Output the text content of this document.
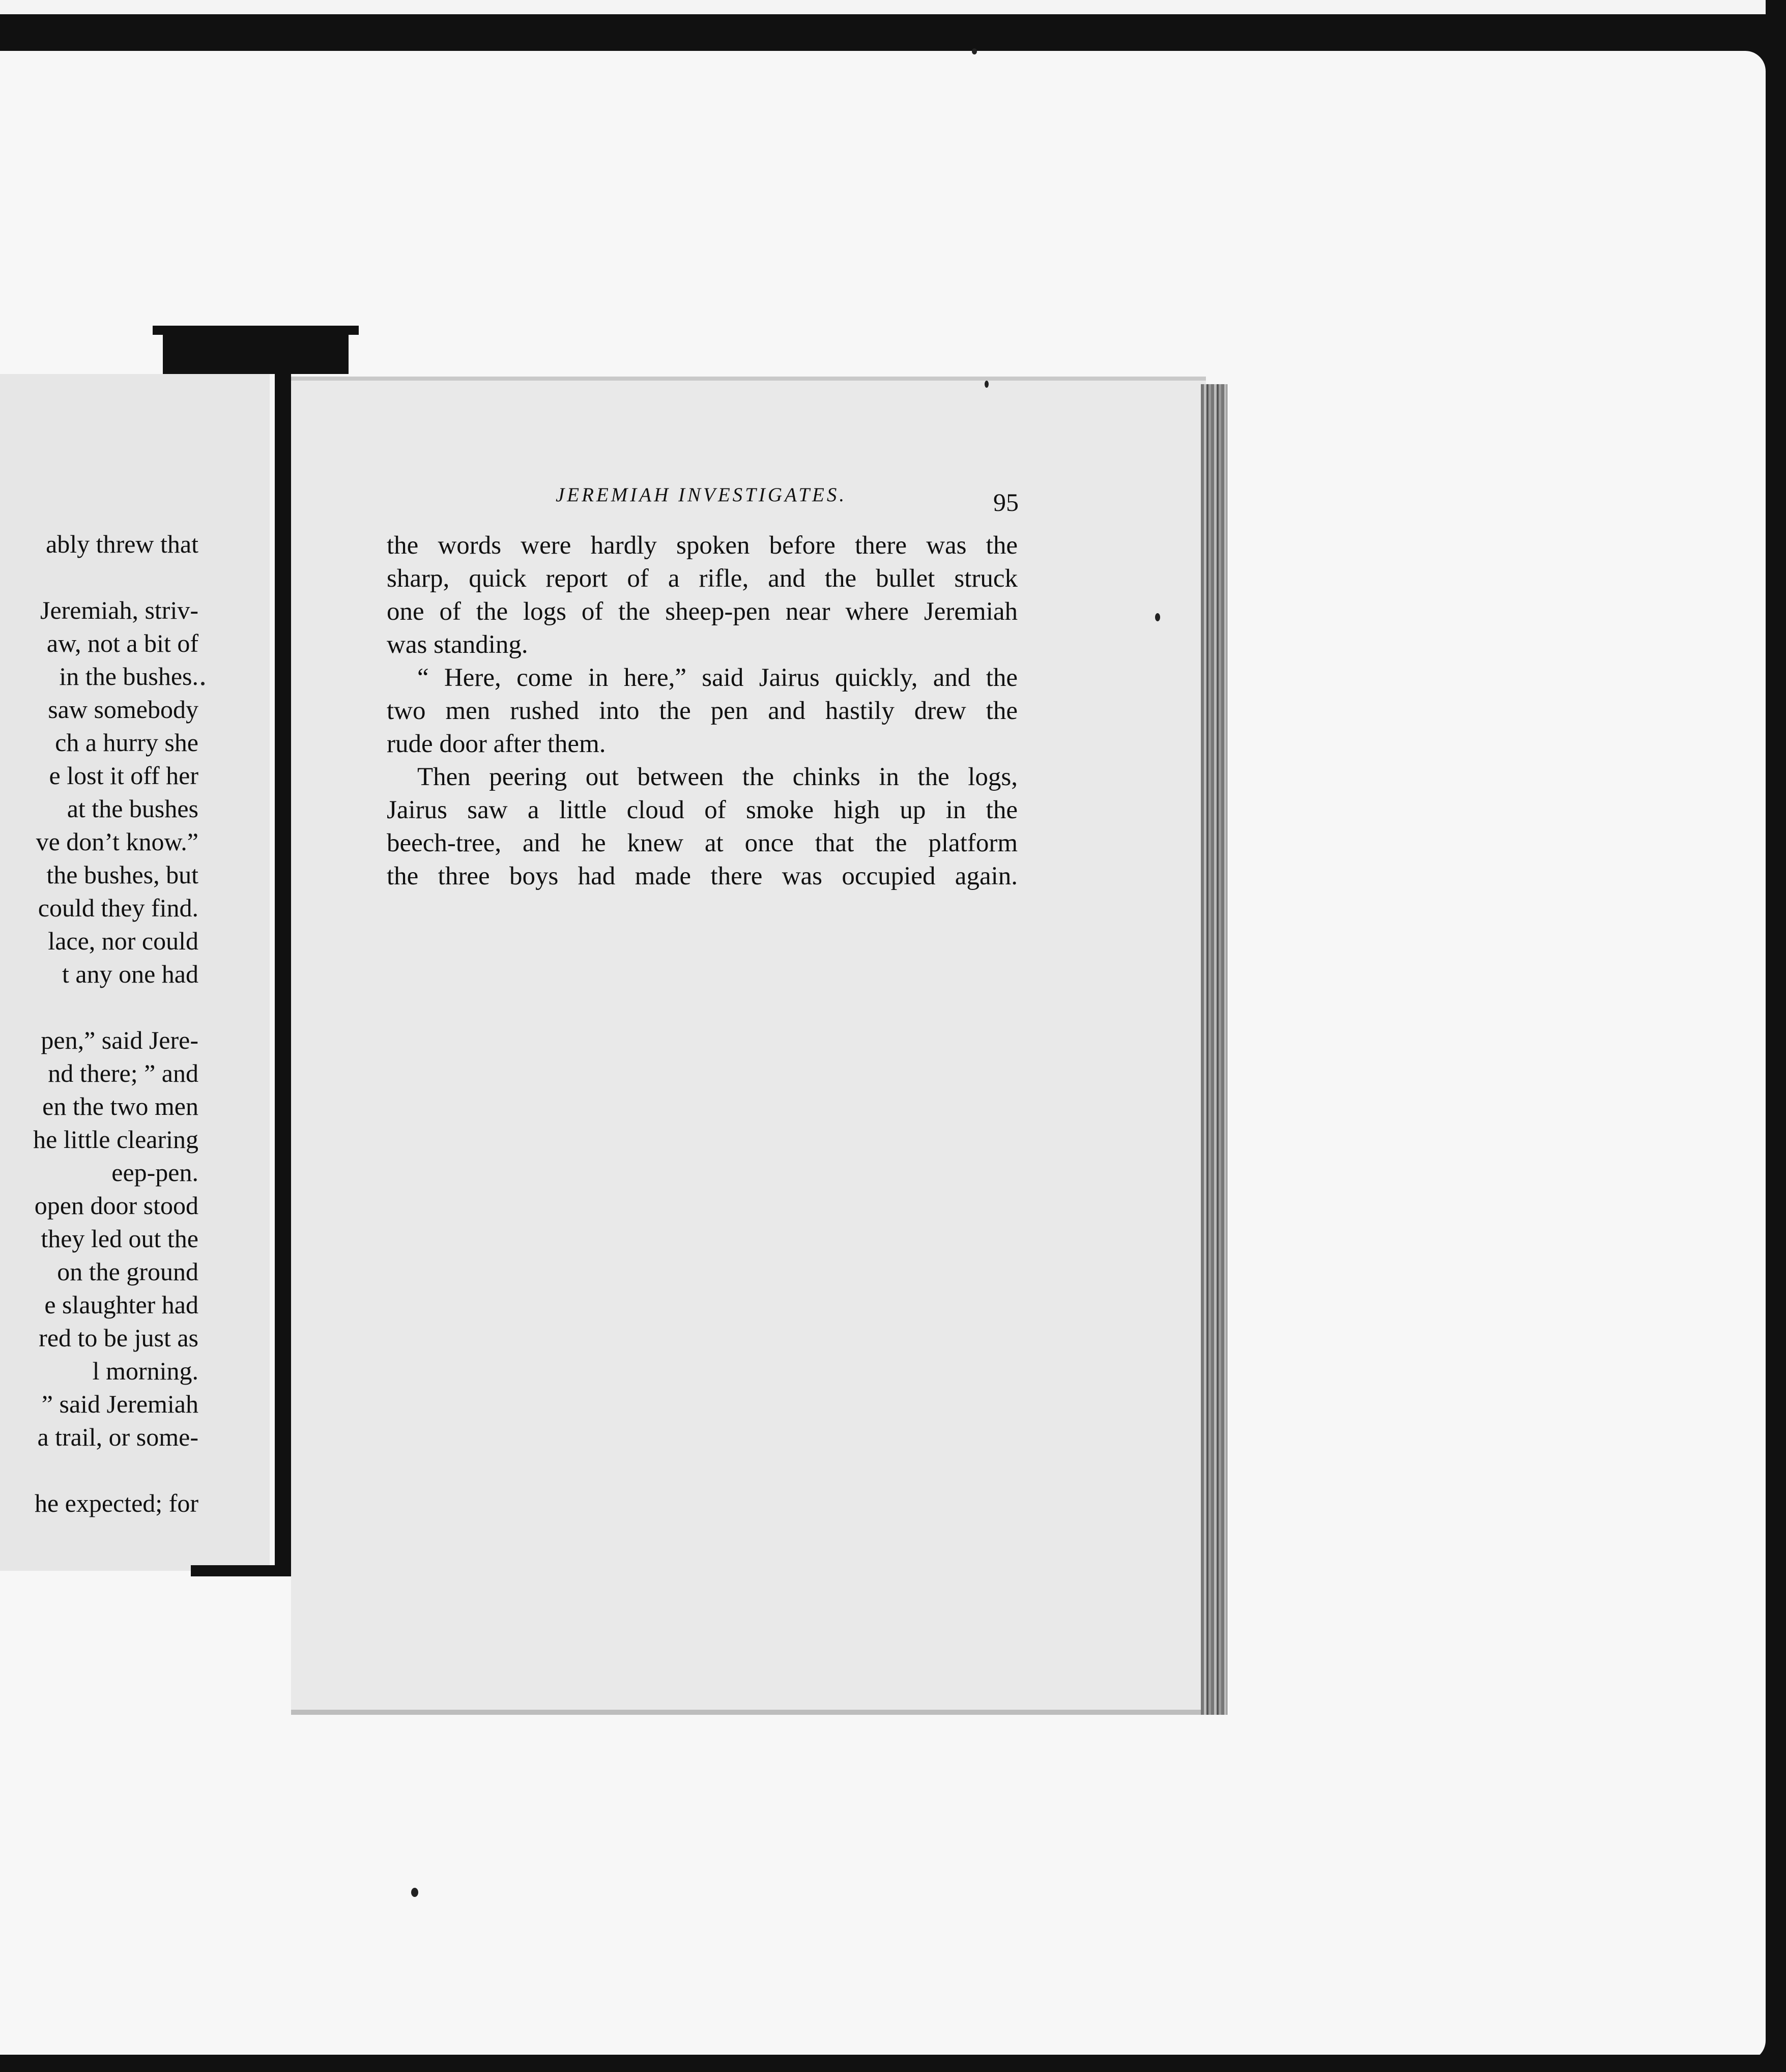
ably threw that
Jeremiah, striv-
aw, not a bit of
in the bushes.
saw somebody
ch a hurry she
e lost it off her
at the bushes
ve don’t know.”
the bushes, but
could they find.
lace, nor could
t any one had
pen,” said Jere-
nd there; ” and
en the two men
he little clearing
eep-pen.
open door stood
they led out the
on the ground
e slaughter had
red to be just as
l morning.
” said Jeremiah
a trail, or some-
he expected; for
JEREMIAH INVESTIGATES.	95

the words were hardly spoken before there was the

sharp, quick report of a rifle, and the bullet struck

one of the logs of the sheep-pen near where Jeremiah

was standing.

“ Here, come in here,” said Jairus quickly, and the

two men rushed into the pen and hastily drew the

rude door after them.

Then peering out between the chinks in the logs,

Jairus saw a little cloud of smoke high up in the

beech-tree, and he knew at once that the platform

the three boys had made there was occupied again.
